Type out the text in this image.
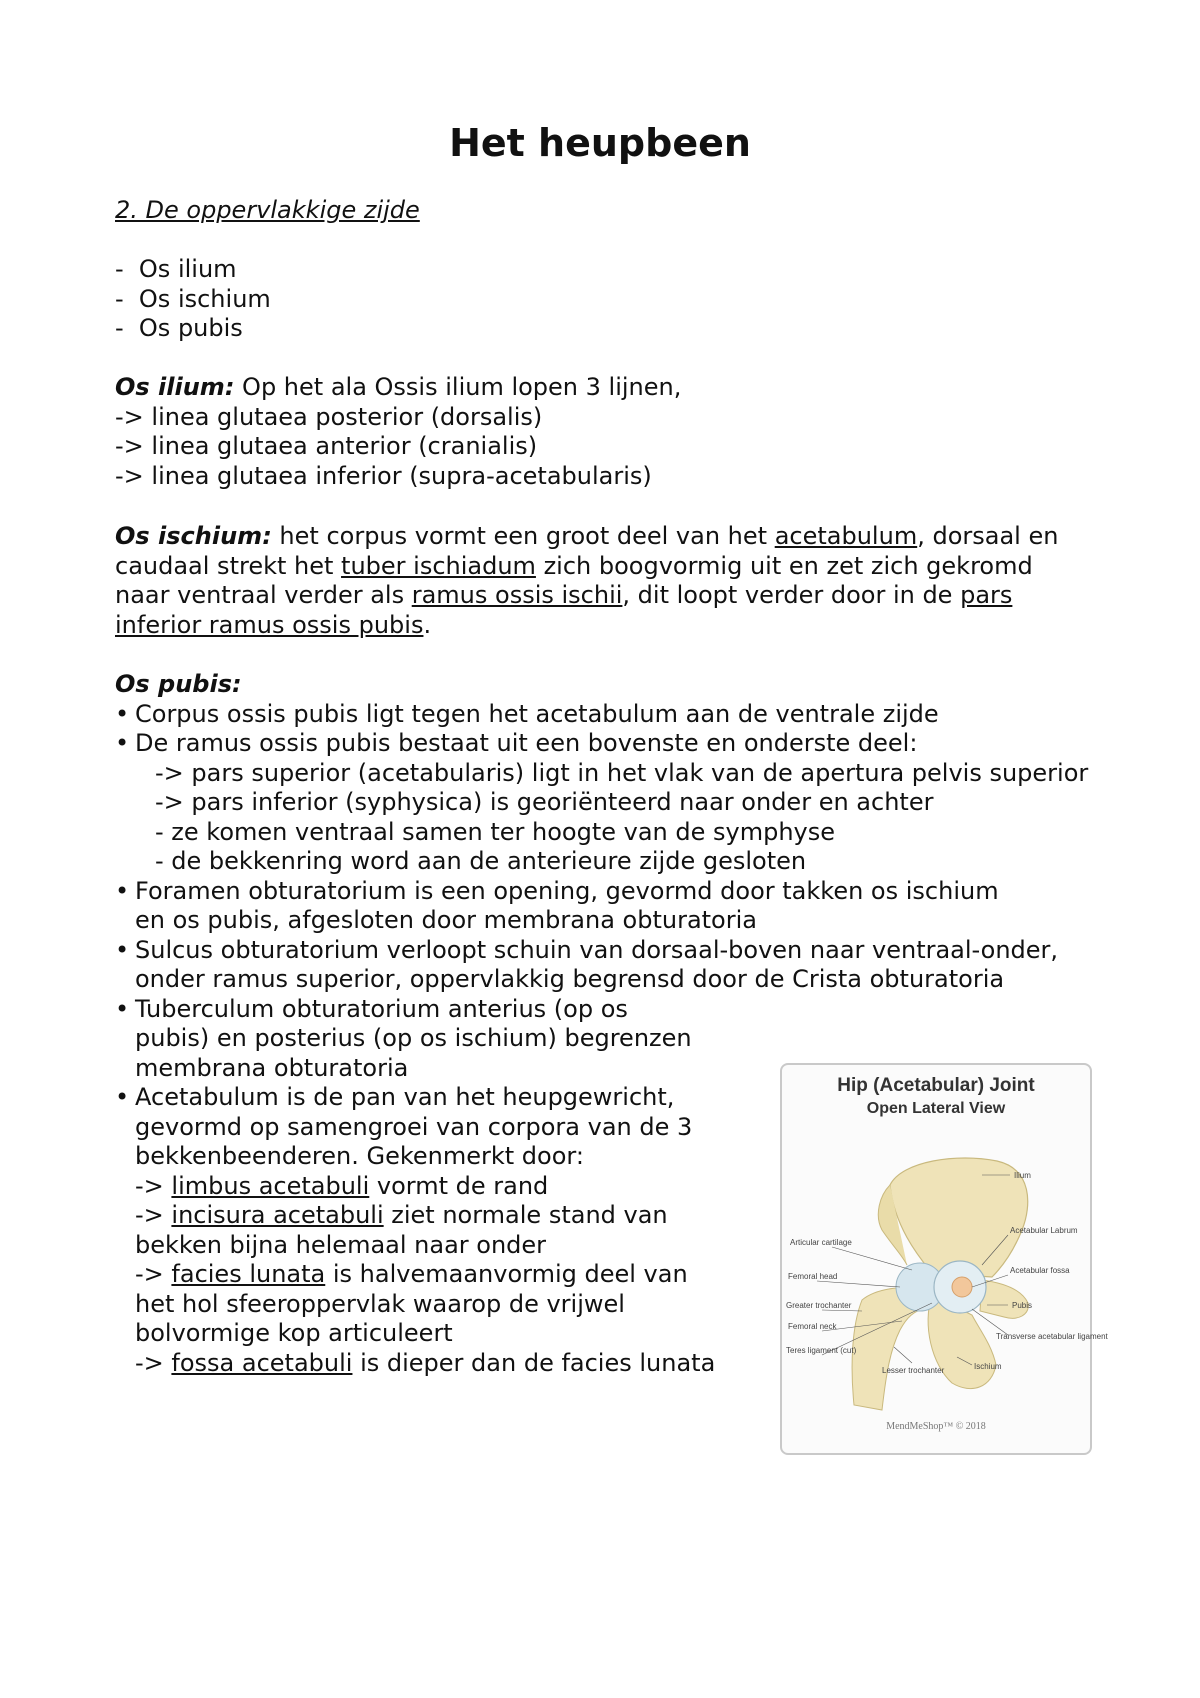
Het heupbeen
2. De oppervlakkige zijde
-  Os ilium
-  Os ischium
-  Os pubis
Os ilium: Op het ala Ossis ilium lopen 3 lijnen,
-> linea glutaea posterior (dorsalis)
-> linea glutaea anterior (cranialis)
-> linea glutaea inferior (supra-acetabularis)
Os ischium: het corpus vormt een groot deel van het acetabulum, dorsaal en caudaal strekt het tuber ischiadum zich boogvormig uit en zet zich gekromd naar ventraal verder als ramus ossis ischii, dit loopt verder door in de pars inferior ramus ossis pubis.
Os pubis:
• Corpus ossis pubis ligt tegen het acetabulum aan de ventrale zijde
• De ramus ossis pubis bestaat uit een bovenste en onderste deel:
-> pars superior (acetabularis) ligt in het vlak van de apertura pelvis superior
-> pars inferior (syphysica) is georiënteerd naar onder en achter
- ze komen ventraal samen ter hoogte van de symphyse
- de bekkenring word aan de anterieure zijde gesloten
• Foramen obturatorium is een opening, gevormd door takken os ischium en os pubis, afgesloten door membrana obturatoria
• Sulcus obturatorium verloopt schuin van dorsaal-boven naar ventraal-onder, onder ramus superior, oppervlakkig begrensd door de Crista obturatoria
• Tuberculum obturatorium anterius (op os pubis) en posterius (op os ischium) begrenzen membrana obturatoria
• Acetabulum is de pan van het heupgewricht, gevormd op samengroei van corpora van de 3 bekkenbeenderen. Gekenmerkt door:
-> limbus acetabuli vormt de rand
-> incisura acetabuli ziet normale stand van bekken bijna helemaal naar onder
-> facies lunata is halvemaanvormig deel van het hol sfeeroppervlak waarop de vrijwel bolvormige kop articuleert
-> fossa acetabuli is dieper dan de facies lunata
Ilium
Acetabular Labrum
Articular cartilage
Acetabular fossa
Femoral head
Pubis
Greater trochanter
Femoral neck
Transverse acetabular ligament
Teres ligament (cut)
Lesser trochanter	Ischium
Hip (Acetabular) Joint
Open Lateral View
MendMeShop™ © 2018
